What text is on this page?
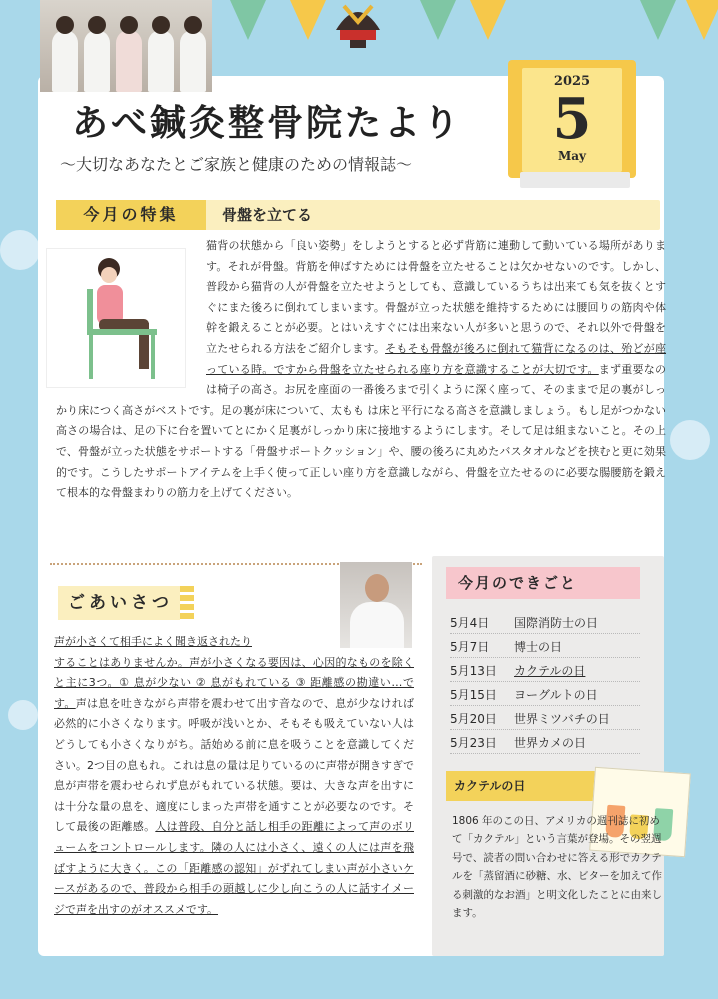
あべ鍼灸整骨院たより
〜大切なあなたとご家族と健康のための情報誌〜
2025
5
May
今月の特集	骨盤を立てる
猫背の状態から「良い姿勢」をしようとすると必ず背筋に連動して動いている場所があります。それが骨盤。背筋を伸ばすためには骨盤を立たせることは欠かせないのです。しかし、普段から猫背の人が骨盤を立たせようとしても、意識しているうちは出来ても気を抜くとすぐにまた後ろに倒れてしまいます。骨盤が立った状態を維持するためには腰回りの筋肉や体幹を鍛えることが必要。とはいえすぐには出来ない人が多いと思うので、それ以外で骨盤を立たせられる方法をご紹介します。そもそも骨盤が後ろに倒れて猫背になるのは、殆どが座っている時。ですから骨盤を立たせられる座り方を意識することが大切です。まず重要なのは椅子の高さ。お尻を座面の一番後ろまで引くように深く座って、そのままで足の裏がしっかり床につく高さがベストです。足の裏が床について、太もも は床と平行になる高さを意識しましょう。もし足がつかない高さの場合は、足の下に台を置いてとにかく足裏がしっかり床に接地するようにします。そして足は組まないこと。その上で、骨盤が立った状態をサポートする「骨盤サポートクッション」や、腰の後ろに丸めたバスタオルなどを挟むと更に効果的です。こうしたサポートアイテムを上手く使って正しい座り方を意識しながら、骨盤を立たせるのに必要な腸腰筋を鍛えて根本的な骨盤まわりの筋力を上げてください。
ごあいさつ
声が小さくて相手によく聞き返されたり
することはありませんか。声が小さくなる要因は、心因的なものを除くと主に3つ。① 息が少ない ② 息がもれている ③ 距離感の勘違い…です。声は息を吐きながら声帯を震わせて出す音なので、息が少なければ必然的に小さくなります。呼吸が浅いとか、そもそも吸えていない人はどうしても小さくなりがち。話始める前に息を吸うことを意識してください。2つ目の息もれ。これは息の量は足りているのに声帯が開きすぎで息が声帯を震わせられず息がもれている状態。要は、大きな声を出すには十分な量の息を、適度にしまった声帯を通すことが必要なのです。そして最後の距離感。人は普段、自分と話し相手の距離によって声のボリュームをコントロールします。隣の人には小さく、遠くの人には声を飛ばすように大きく。この「距離感の認知」がずれてしまい声が小さいケースがあるので、普段から相手の頭越しに少し向こうの人に話すイメージで声を出すのがオススメです。
今月のできごと
5月4日 国際消防士の日
5月7日 博士の日
5月13日 カクテルの日
5月15日 ヨーグルトの日
5月20日 世界ミツバチの日
5月23日 世界カメの日
カクテルの日
1806 年のこの日、アメリカの週刊誌に初めて「カクテル」という言葉が登場。その翌週号で、読者の問い合わせに答える形でカクテルを「蒸留酒に砂糖、水、ビターを加えて作る刺激的なお酒」と明文化したことに由来します。
